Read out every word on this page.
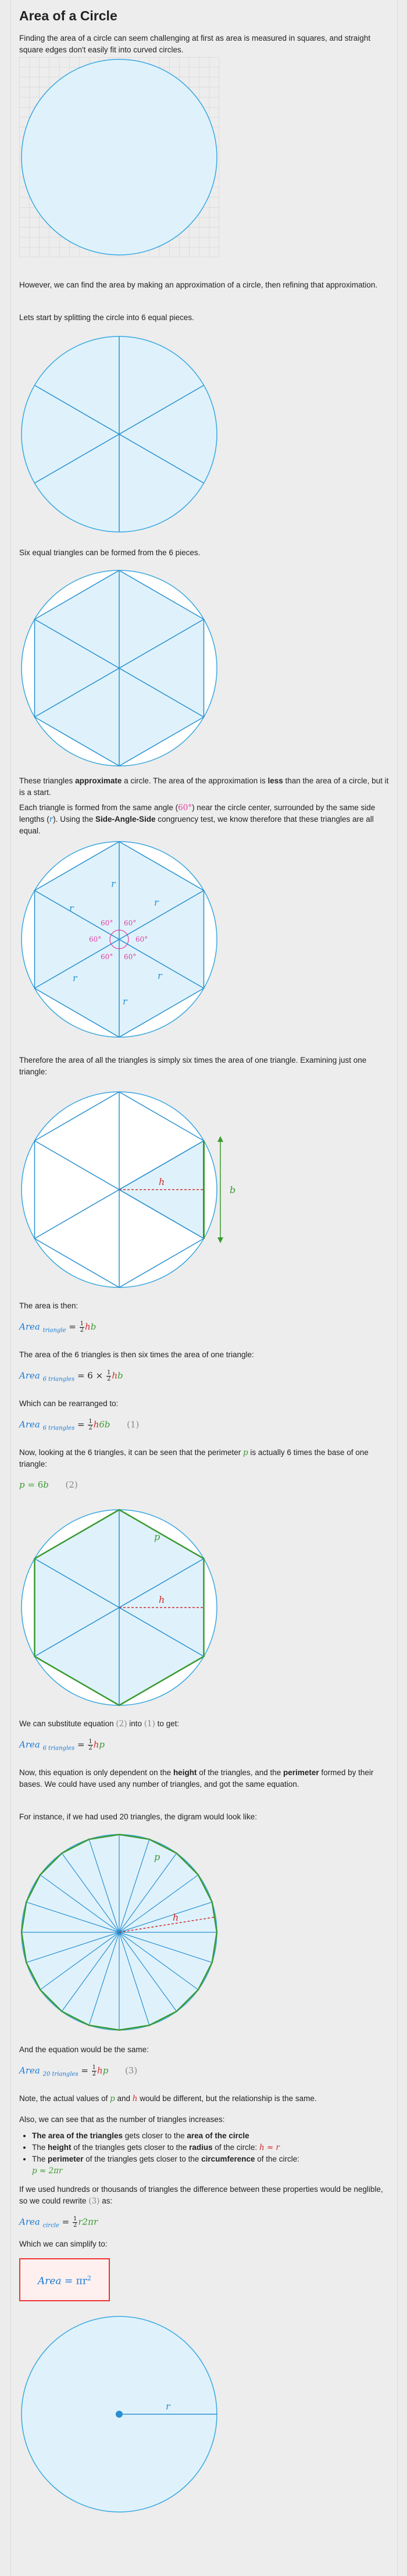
Area of a Circle

Finding the area of a circle can seem challenging at first as area is measured in squares, and straight square edges don't easily fit into curved circles.

However, we can find the area by making an approximation of a circle, then refining that approximation.

Lets start by splitting the circle into 6 equal pieces.

Six equal triangles can be formed from the 6 pieces.

These triangles approximate a circle. The area of the approximation is less than the area of a circle, but it is a start.

Each triangle is formed from the same angle (60°) near the circle center, surrounded by the same side lengths (r). Using the Side-Angle-Side congruency test, we know therefore that these triangles are all equal.

60°
60°
60°
60°
60°
60°
r
r
r
r
r
r

Therefore the area of all the triangles is simply six times the area of one triangle. Examining just one triangle:

h
b

The area is then:

Area $_{triangle} = \frac{1}{2}$ hb

The area of the 6 triangles is then six times the area of one triangle:

Area $_{6 triangles} = 6 \times \frac{1}{2}$ hb

Which can be rearranged to:

Area $_{6 triangles} = \frac{1}{2} h6b$ (1)

Now, looking at the 6 triangles, it can be seen that the perimeter p is actually 6 times the base of one triangle:

p = 6b (2)
h
p

We can substitute equation (2) into (1) to get:

Area $_{6 triangles} = \frac{1}{2}$ hp

Now, this equation is only dependent on the height of the triangles, and the perimeter formed by their bases. We could have used any number of triangles, and got the same equation.

For instance, if we had used 20 triangles, the digram would look like:

h
p

And the equation would be the same:

Area $_{20 triangles} = \frac{1}{2}$ hp (3)

Note, the actual values of p and h would be different, but the relationship is the same.

Also, we can see that as the number of triangles increases:

• The area of the triangles gets closer to the area of the circle
• The height of the triangles gets closer to the radius of the circle: h ≈ r
• The perimeter of the triangles gets closer to the circumference of the circle:
p ≈ 2πr

If we used hundreds or thousands of triangles the difference between these properties would be neglible, so we could rewrite (3) as:

Area $_{circle} = \frac{1}{2} r2\pi r$

Which we can simplify to:

Area = $\pi r^2$
r
